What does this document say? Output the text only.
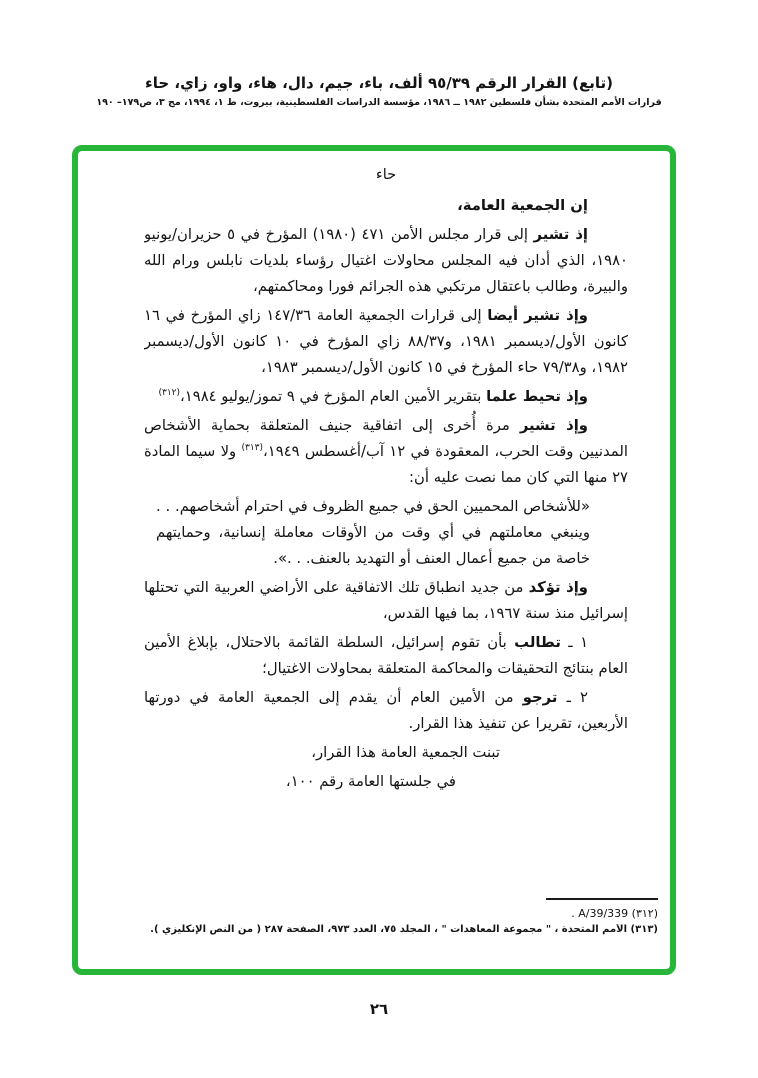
(تابع) القرار الرقم ٩٥/٣٩ ألف، باء، جيم، دال، هاء، واو، زاي، حاء
قرارات الأمم المتحدة بشأن فلسطين ١٩٨٢ ــ ١٩٨٦، مؤسسة الدراسات الفلسطينية، بيروت، ط ١، ١٩٩٤، مج ٣، ص١٧٩– ١٩٠
حاء

إن الجمعية العامة،

إذ تشير إلى قرار مجلس الأمن ٤٧١ (١٩٨٠) المؤرخ في ٥ حزيران/يونيو ١٩٨٠، الذي أدان فيه المجلس محاولات اغتيال رؤساء بلديات نابلس ورام الله والبيرة، وطالب باعتقال مرتكبي هذه الجرائم فورا ومحاكمتهم،

وإذ تشير أيضا إلى قرارات الجمعية العامة ١٤٧/٣٦ زاي المؤرخ في ١٦ كانون الأول/ديسمبر ١٩٨١، و٨٨/٣٧ زاي المؤرخ في ١٠ كانون الأول/ديسمبر ١٩٨٢، و٧٩/٣٨ حاء المؤرخ في ١٥ كانون الأول/ديسمبر ١٩٨٣،

وإذ تحيط علما بتقرير الأمين العام المؤرخ في ٩ تموز/يوليو ١٩٨٤،$^{(٣١٢)}$

وإذ تشير مرة أُخرى إلى اتفاقية جنيف المتعلقة بحماية الأشخاص المدنيين وقت الحرب، المعقودة في ١٢ آب/أغسطس ١٩٤٩،$^{(٣١٣)}$ ولا سيما المادة ٢٧ منها التي كان مما نصت عليه أن:

«للأشخاص المحميين الحق في جميع الظروف في احترام أشخاصهم. . . وينبغي معاملتهم في أي وقت من الأوقات معاملة إنسانية، وحمايتهم خاصة من جميع أعمال العنف أو التهديد بالعنف. . .».

وإذ تؤكد من جديد انطباق تلك الاتفاقية على الأراضي العربية التي تحتلها إسرائيل منذ سنة ١٩٦٧، بما فيها القدس،

١ ـ تطالب بأن تقوم إسرائيل، السلطة القائمة بالاحتلال، بإبلاغ الأمين العام بنتائج التحقيقات والمحاكمة المتعلقة بمحاولات الاغتيال؛

٢ ـ ترجو من الأمين العام أن يقدم إلى الجمعية العامة في دورتها الأربعين، تقريرا عن تنفيذ هذا القرار.

تبنت الجمعية العامة هذا القرار،

في جلستها العامة رقم ١٠٠،

(٣١٢) A/39/339 .
(٣١٣) الأمم المتحدة ، " مجموعة المعاهدات " ، المجلد ٧٥، العدد ٩٧٣، الصفحة ٢٨٧ ( من النص الإنكليزي ).
٢٦
